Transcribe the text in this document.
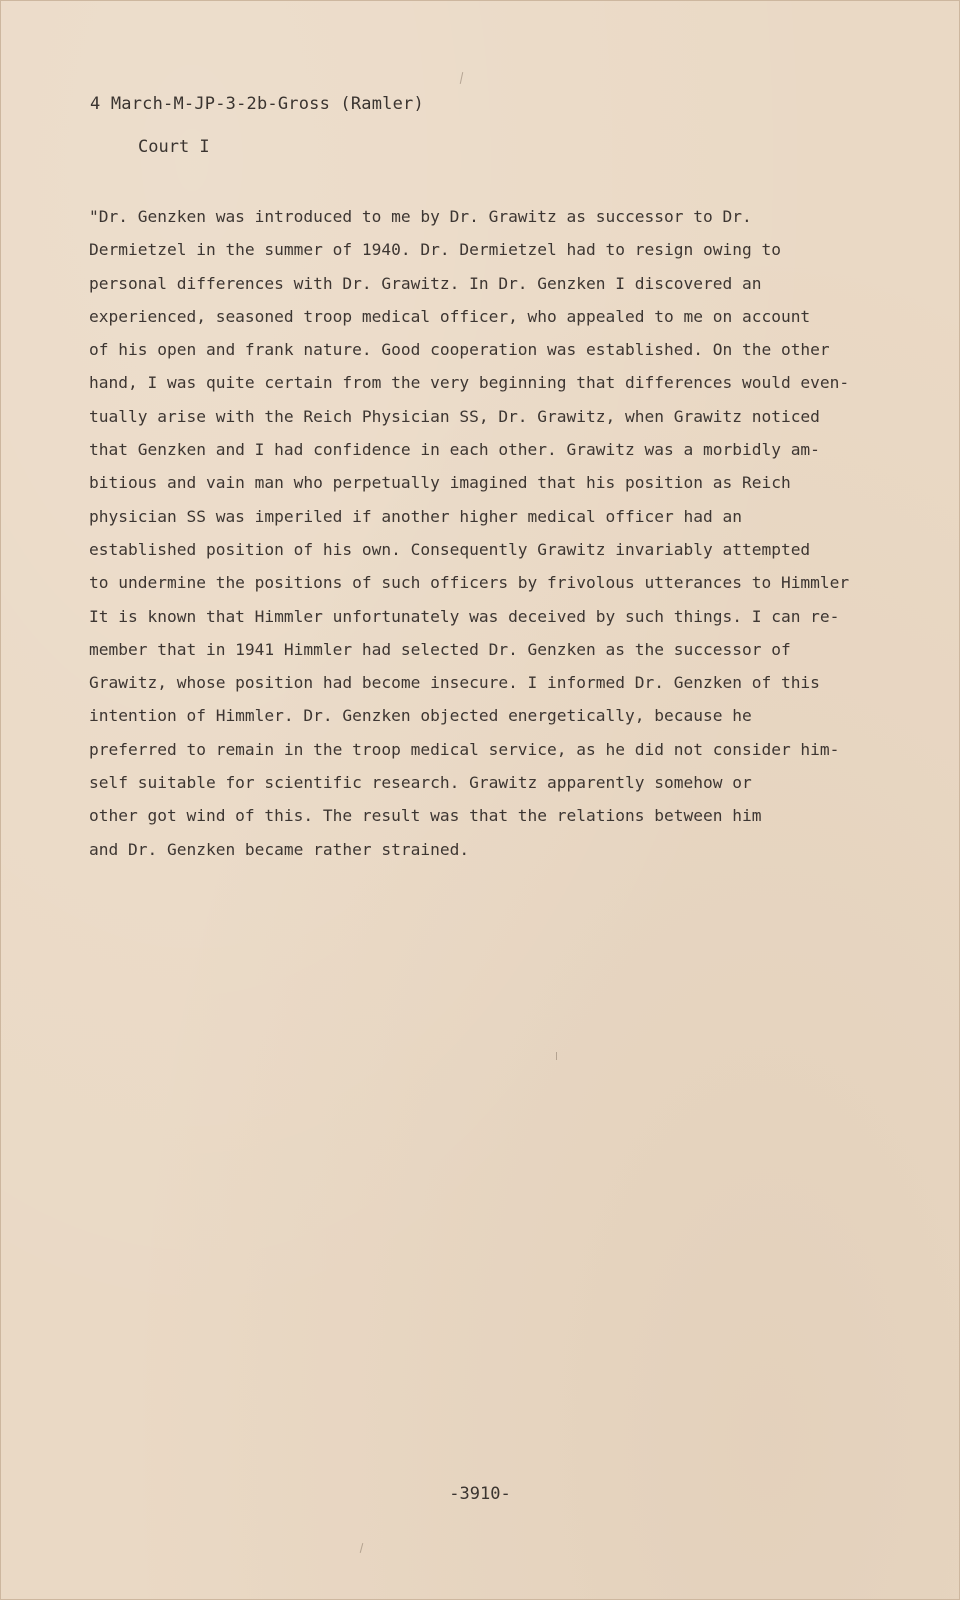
4 March-M-JP-3-2b-Gross (Ramler)
Court I
"Dr. Genzken was introduced to me by Dr. Grawitz as successor to Dr.
Dermietzel in the summer of 1940. Dr. Dermietzel had to resign owing to
personal differences with Dr. Grawitz. In Dr. Genzken I discovered an
experienced, seasoned troop medical officer, who appealed to me on account
of his open and frank nature. Good cooperation was established. On the other
hand, I was quite certain from the very beginning that differences would even-
tually arise with the Reich Physician SS, Dr. Grawitz, when Grawitz noticed
that Genzken and I had confidence in each other. Grawitz was a morbidly am-
bitious and vain man who perpetually imagined that his position as Reich
physician SS was imperiled if another higher medical officer had an
established position of his own. Consequently Grawitz invariably attempted
to undermine the positions of such officers by frivolous utterances to Himmler
It is known that Himmler unfortunately was deceived by such things. I can re-
member that in 1941 Himmler had selected Dr. Genzken as the successor of
Grawitz, whose position had become insecure. I informed Dr. Genzken of this
intention of Himmler. Dr. Genzken objected energetically, because he
preferred to remain in the troop medical service, as he did not consider him-
self suitable for scientific research. Grawitz apparently somehow or
other got wind of this. The result was that the relations between him
and Dr. Genzken became rather strained.
-3910-
